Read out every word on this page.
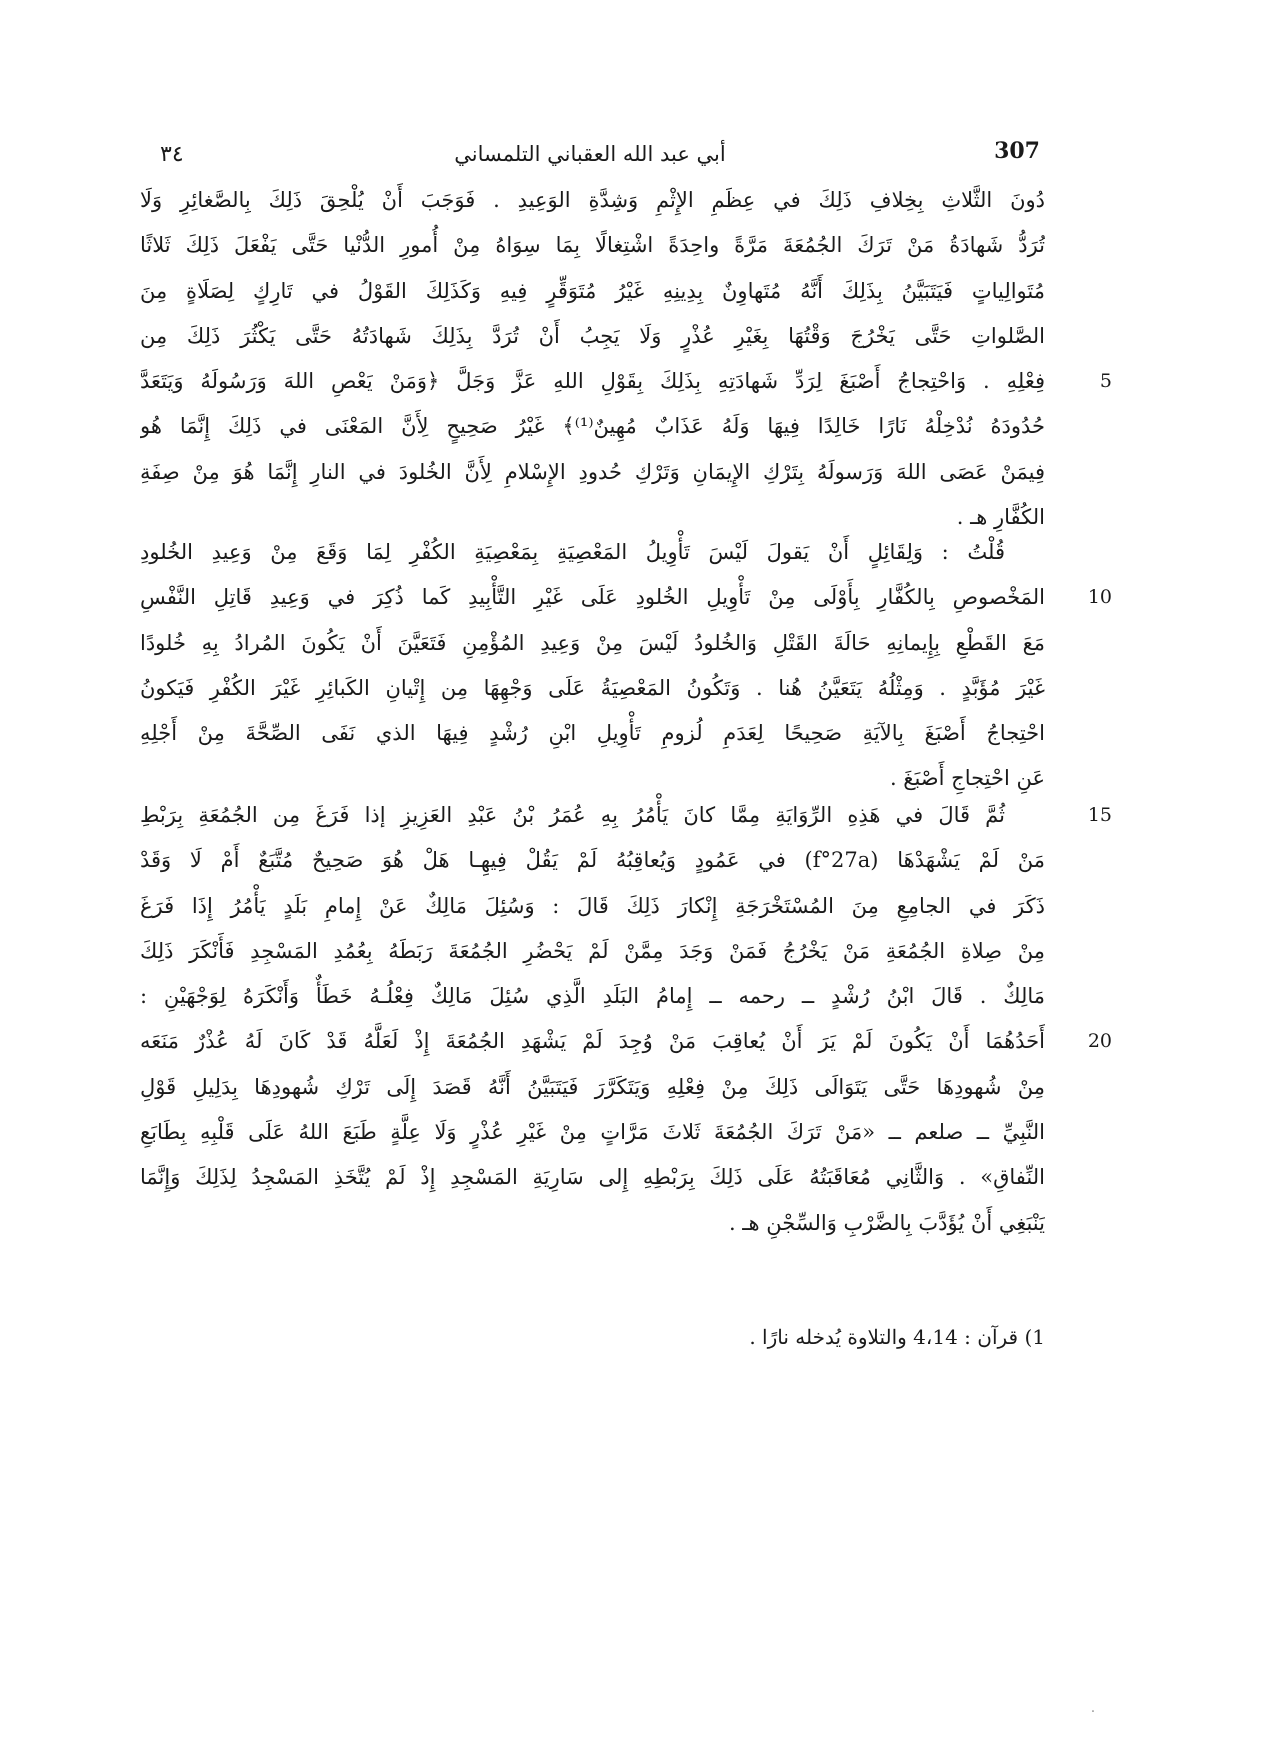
٣٤	أبي عبد الله العقباني التلمساني	307
دُونَ الثَّلاثِ بِخِلافِ ذَلِكَ في عِظَمِ الإِثْمِ وَشِدَّةِ الوَعِيدِ . فَوَجَبَ أَنْ يُلْحِقَ ذَلِكَ بِالصَّغائِرِ وَلَا
تُرَدُّ شَهادَةُ مَنْ تَرَكَ الجُمُعَةَ مَرَّةً واحِدَةً اشْتِغالًا بِمَا سِوَاهُ مِنْ أُمورِ الدُّنْيا حَتَّى يَفْعَلَ ذَلِكَ ثَلاثًا
مُتَوالِياتٍ فَيَتَبَيَّنُ بِذَلِكَ أَنَّهُ مُتَهاوِنٌ بِدِينِهِ غَيْرُ مُتَوَقِّرٍ فِيهِ وَكَذَلِكَ القَوْلُ في تَارِكٍ لِصَلَاةٍ مِنَ
الصَّلواتِ حَتَّى يَخْرُجَ وَقْتُهَا بِغَيْرِ عُذْرٍ وَلَا يَجِبُ أَنْ تُرَدَّ بِذَلِكَ شَهادَتُهُ حَتَّى يَكْثُرَ ذَلِكَ مِن
فِعْلِهِ . وَاحْتِجاجُ أَصْبَغَ لِرَدِّ شَهادَتِهِ بِذَلِكَ بِقَوْلِ اللهِ عَزَّ وَجَلَّ ﴿وَمَنْ يَعْصِ اللهَ وَرَسُولَهُ وَيَتَعَدَّ
حُدُودَهُ نُدْخِلْهُ نَارًا خَالِدًا فِيهَا وَلَهُ عَذَابٌ مُهِينٌ⁽¹⁾﴾ غَيْرُ صَحِيحٍ لِأَنَّ المَعْنَى في ذَلِكَ إِنَّمَا هُو
فِيمَنْ عَصَى اللهَ وَرَسولَهُ بِتَرْكِ الإِيمَانِ وَتَرْكِ حُدودِ الإِسْلامِ لِأَنَّ الخُلودَ في النارِ إِنَّمَا هُوَ مِنْ صِفَةِ
الكُفَّارِ هـ .
قُلْتُ : وَلِقَائِلٍ أَنْ يَقولَ لَيْسَ تَأْوِيلُ المَعْصِيَةِ بِمَعْصِيَةِ الكُفْرِ لِمَا وَقَعَ مِنْ وَعِيدِ الخُلودِ
المَخْصوصِ بِالكُفَّارِ بِأَوْلَى مِنْ تَأْوِيلِ الخُلودِ عَلَى غَيْرِ التَّأْبِيدِ كَما ذُكِرَ في وَعِيدِ قَاتِلِ النَّفْسِ
مَعَ القَطْعِ بِإِيمانِهِ حَالَةَ القَتْلِ وَالخُلودُ لَيْسَ مِنْ وَعِيدِ المُؤْمِنِ فَتَعَيَّنَ أَنْ يَكُونَ المُرادُ بِهِ خُلودًا
غَيْرَ مُؤَبَّدٍ . وَمِثْلُهُ يَتَعَيَّنُ هُنا . وَتَكُونُ المَعْصِيَةُ عَلَى وَجْهِهَا مِن إِتْيانِ الكَبائِرِ غَيْرَ الكُفْرِ فَيَكونُ
احْتِجاجُ أَصْبَغَ بِالآيَةِ صَحِيحًا لِعَدَمِ لُزومِ تَأْوِيلِ ابْنِ رُشْدٍ فِيهَا الذي نَفَى الصِّحَّةَ مِنْ أَجْلِهِ
عَنِ احْتِجاجِ أَصْبَغَ .
ثُمَّ قَالَ في هَذِهِ الرِّوَايَةِ مِمَّا كانَ يَأْمُرُ بِهِ عُمَرُ بْنُ عَبْدِ العَزِيزِ إذا فَرَغَ مِن الجُمُعَةِ بِرَبْطِ
مَنْ لَمْ يَشْهَدْهَا (f°27a) في عَمُودٍ وَيُعاقِبُهُ لَمْ يَقُلْ فِيهِـا هَلْ هُوَ صَحِيحٌ مُتَّبَعٌ أَمْ لَا وَقَدْ
ذَكَرَ في الجامِعِ مِنَ المُسْتَخْرَجَةِ إِنْكارَ ذَلِكَ قَالَ : وَسُئِلَ مَالِكٌ عَنْ إِمامِ بَلَدٍ يَأْمُرُ إِذَا فَرَغَ
مِنْ صِلاةِ الجُمُعَةِ مَنْ يَخْرُجُ فَمَنْ وَجَدَ مِمَّنْ لَمْ يَحْضُرِ الجُمُعَةَ رَبَطَهُ بِعُمُدِ المَسْجِدِ فَأَنْكَرَ ذَلِكَ
مَالِكٌ . قَالَ ابْنُ رُشْدٍ ــ رحمه ــ إِمامُ البَلَدِ الَّذِي سُئِلَ مَالِكٌ فِعْلُـهُ خَطَأٌ وَأَنْكَرَهُ لِوَجْهَيْنِ :
أَحَدُهُمَا أَنْ يَكُونَ لَمْ يَرَ أَنْ يُعاقِبَ مَنْ وُجِدَ لَمْ يَشْهَدِ الجُمُعَةَ إِذْ لَعَلَّهُ قَدْ كَانَ لَهُ عُذْرٌ مَنَعَه
مِنْ شُهودِهَا حَتَّى يَتَوَالَى ذَلِكَ مِنْ فِعْلِهِ وَيَتَكَرَّرَ فَيَتَبَيَّنُ أَنَّهُ قَصَدَ إِلَى تَرْكِ شُهودِهَا بِدَلِيلِ قَوْلِ
النَّبِيِّ ــ صلعم ــ «مَنْ تَرَكَ الجُمُعَةَ ثَلاثَ مَرَّاتٍ مِنْ غَيْرِ عُذْرٍ وَلَا عِلَّةٍ طَبَعَ اللهُ عَلَى قَلْبِهِ بِطَابَعِ
النِّفاقِ» . وَالثَّانِي مُعَاقَبَتُهُ عَلَى ذَلِكَ بِرَبْطِهِ إِلى سَارِيَةِ المَسْجِدِ إِذْ لَمْ يُتَّخَذِ المَسْجِدُ لِذَلِكَ وَإِنَّمَا
يَنْبَغِي أَنْ يُؤَدَّبَ بِالضَّرْبِ وَالسِّجْنِ هـ .
5
10
15
20
1) قرآن : 4،14 والتلاوة يُدخله نارًا .
.
